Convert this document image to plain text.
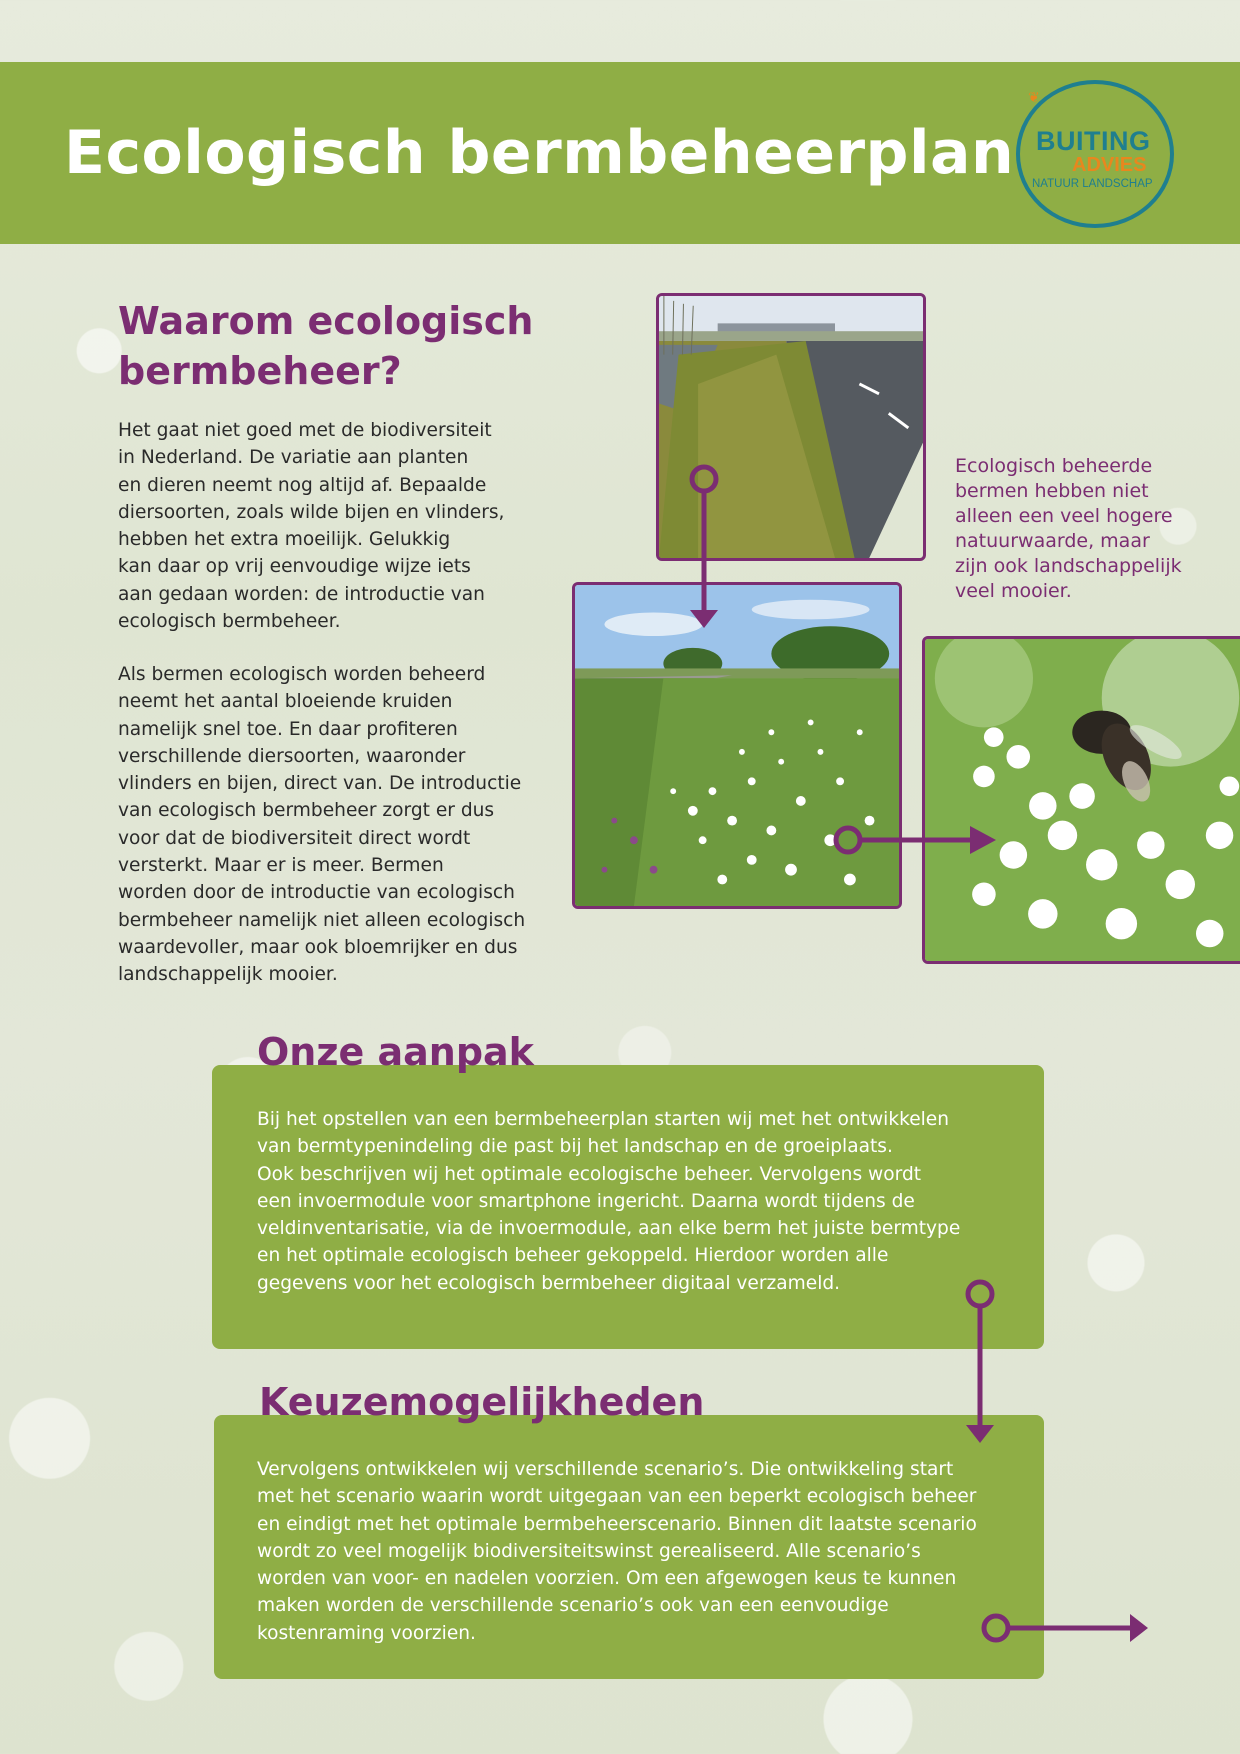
Ecologisch bermbeheerplan
❦
BUITING
ADVIES
NATUUR LANDSCHAP
Waarom ecologisch
bermbeheer?

Het gaat niet goed met de biodiversiteit

in Nederland. De variatie aan planten

en dieren neemt nog altijd af. Bepaalde

diersoorten, zoals wilde bijen en vlinders,

hebben het extra moeilijk. Gelukkig

kan daar op vrij eenvoudige wijze iets

aan gedaan worden: de introductie van

ecologisch bermbeheer.

Als bermen ecologisch worden beheerd

neemt het aantal bloeiende kruiden

namelijk snel toe. En daar profiteren

verschillende diersoorten, waaronder

vlinders en bijen, direct van. De introductie

van ecologisch bermbeheer zorgt er dus

voor dat de biodiversiteit direct wordt

versterkt. Maar er is meer. Bermen

worden door de introductie van ecologisch

bermbeheer namelijk niet alleen ecologisch

waardevoller, maar ook bloemrijker en dus

landschappelijk mooier.

Ecologisch beheerde

bermen hebben niet

alleen een veel hogere

natuurwaarde, maar

zijn ook landschappelijk

veel mooier.

Onze aanpak

Bij het opstellen van een bermbeheerplan starten wij met het ontwikkelen

van bermtypenindeling die past bij het landschap en de groeiplaats.

Ook beschrijven wij het optimale ecologische beheer. Vervolgens wordt

een invoermodule voor smartphone ingericht. Daarna wordt tijdens de

veldinventarisatie, via de invoermodule, aan elke berm het juiste bermtype

en het optimale ecologisch beheer gekoppeld. Hierdoor worden alle

gegevens voor het ecologisch bermbeheer digitaal verzameld.

Keuzemogelijkheden

Vervolgens ontwikkelen wij verschillende scenario’s. Die ontwikkeling start

met het scenario waarin wordt uitgegaan van een beperkt ecologisch beheer

en eindigt met het optimale bermbeheerscenario. Binnen dit laatste scenario

wordt zo veel mogelijk biodiversiteitswinst gerealiseerd. Alle scenario’s

worden van voor- en nadelen voorzien. Om een afgewogen keus te kunnen

maken worden de verschillende scenario’s ook van een eenvoudige

kostenraming voorzien.
